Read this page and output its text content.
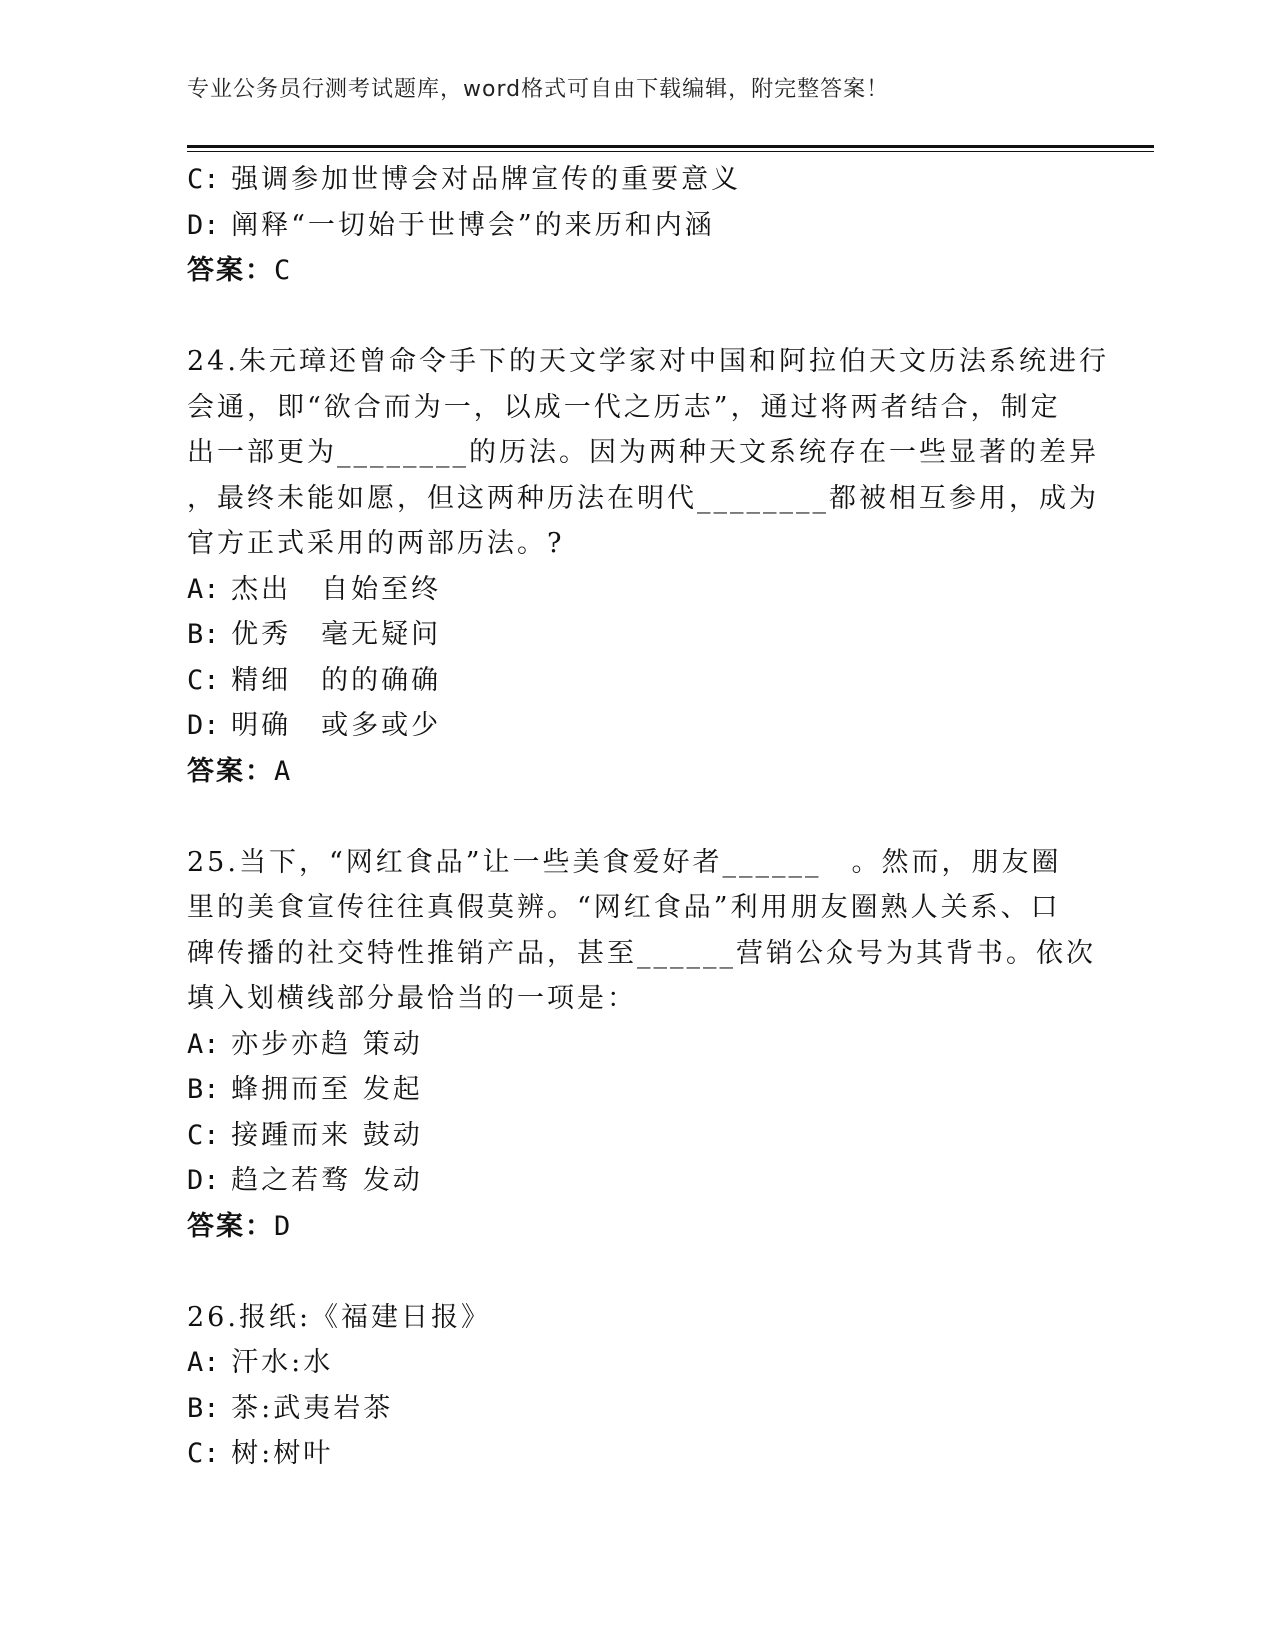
专业公务员行测考试题库，word格式可自由下载编辑，附完整答案！
C: 强调参加世博会对品牌宣传的重要意义
D: 阐释“一切始于世博会”的来历和内涵
答案：C
24.朱元璋还曾命令手下的天文学家对中国和阿拉伯天文历法系统进行
会通，即“欲合而为一，以成一代之历志”，通过将两者结合，制定
出一部更为________的历法。因为两种天文系统存在一些显著的差异
，最终未能如愿，但这两种历法在明代________都被相互参用，成为
官方正式采用的两部历法。?
A: 杰出　自始至终
B: 优秀　毫无疑问
C: 精细　的的确确
D: 明确　或多或少
答案：A
25.当下，“网红食品”让一些美食爱好者______　。然而，朋友圈
里的美食宣传往往真假莫辨。“网红食品”利用朋友圈熟人关系、口
碑传播的社交特性推销产品，甚至______营销公众号为其背书。依次
填入划横线部分最恰当的一项是：
A: 亦步亦趋 策动
B: 蜂拥而至 发起
C: 接踵而来 鼓动
D: 趋之若骛 发动
答案：D
26.报纸:《福建日报》
A: 汗水:水
B: 茶:武夷岩茶
C: 树:树叶
